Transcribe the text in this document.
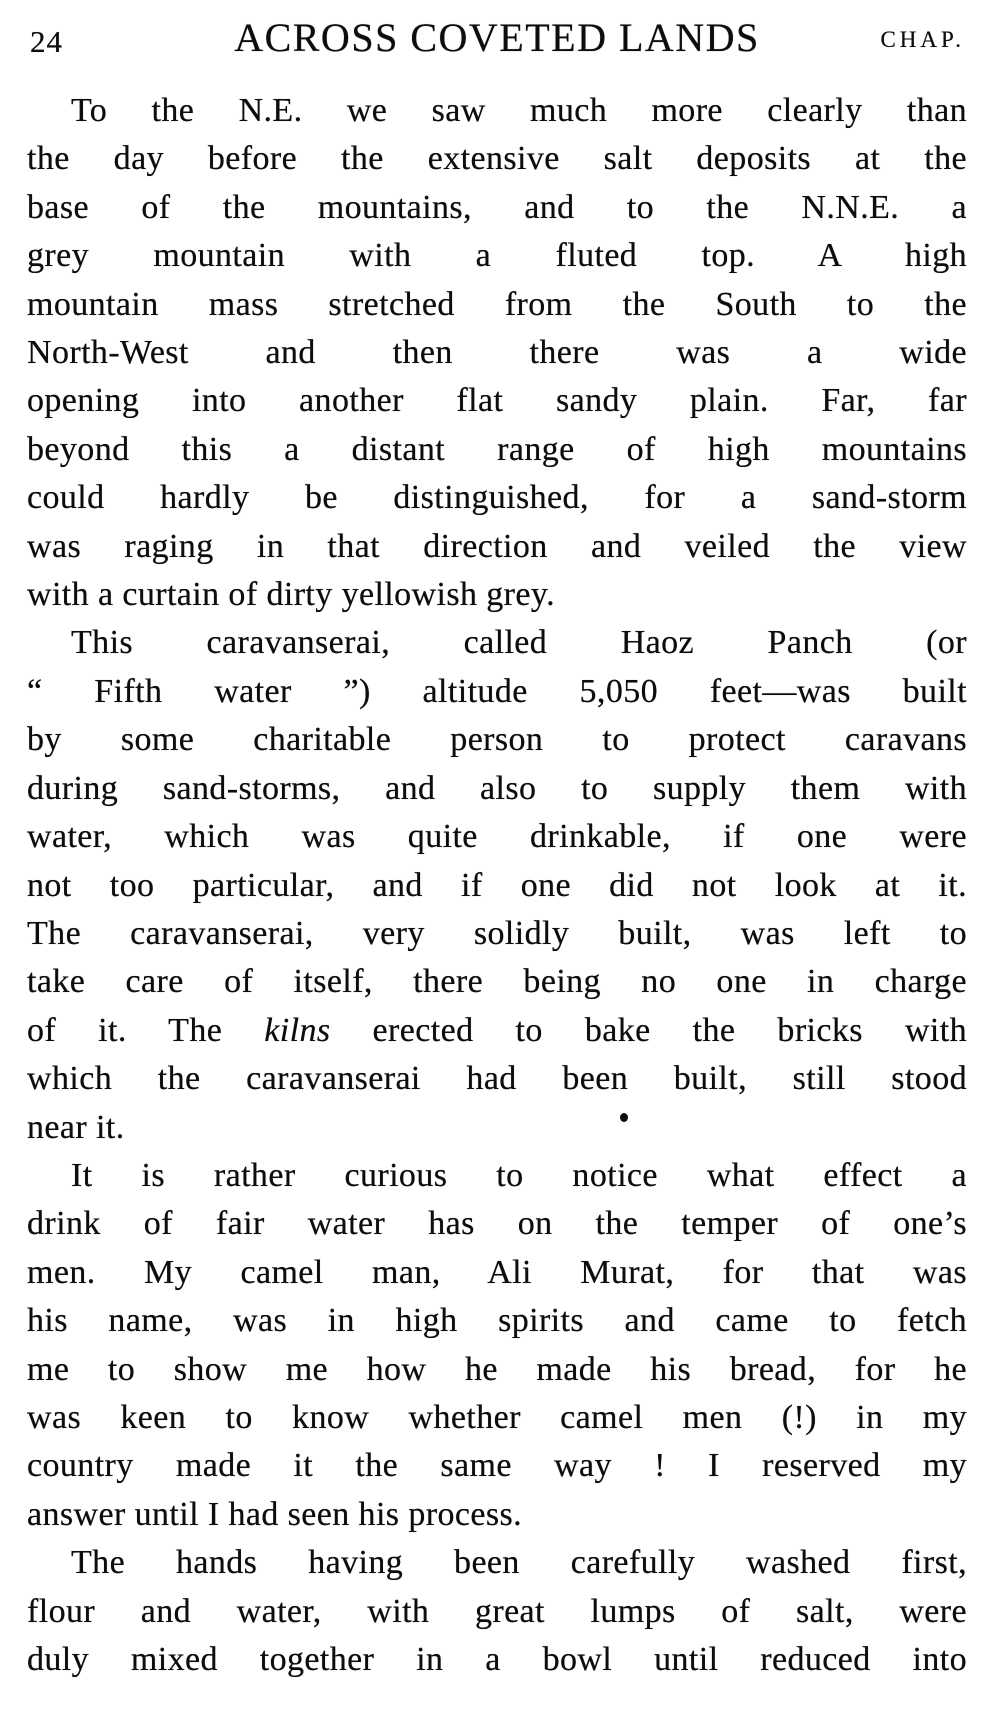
24	ACROSS COVETED LANDS	CHAP.
To the N.E. we saw much more clearly than
the day before the extensive salt deposits at the
base of the mountains, and to the N.N.E. a
grey mountain with a fluted top. A high
mountain mass stretched from the South to the
North-West and then there was a wide
opening into another flat sandy plain. Far, far
beyond this a distant range of high mountains
could hardly be distinguished, for a sand-storm
was raging in that direction and veiled the view
with a curtain of dirty yellowish grey.
This caravanserai, called Haoz Panch (or
“ Fifth water ”) altitude 5,050 feet—was built
by some charitable person to protect caravans
during sand-storms, and also to supply them with
water, which was quite drinkable, if one were
not too particular, and if one did not look at it.
The caravanserai, very solidly built, was left to
take care of itself, there being no one in charge
of it. The kilns erected to bake the bricks with
which the caravanserai had been built, still stood
near it.
It is rather curious to notice what effect a
drink of fair water has on the temper of one’s
men. My camel man, Ali Murat, for that was
his name, was in high spirits and came to fetch
me to show me how he made his bread, for he
was keen to know whether camel men (!) in my
country made it the same way ! I reserved my
answer until I had seen his process.
The hands having been carefully washed first,
flour and water, with great lumps of salt, were
duly mixed together in a bowl until reduced into
